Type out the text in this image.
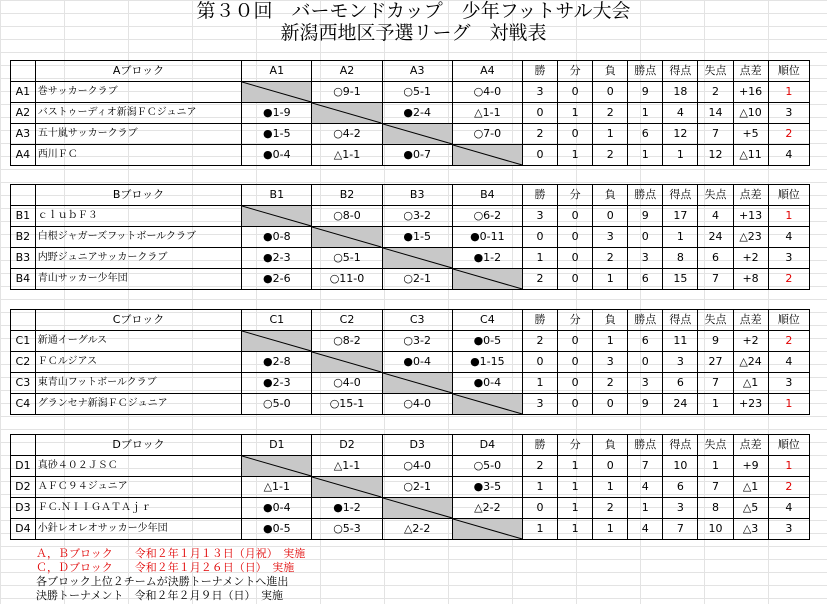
第３０回　バーモンドカップ　少年フットサル大会
新潟西地区予選リーグ　対戦表
	Aブロック	A1	A2	A3	A4	勝	分	負	勝点	得点	失点	点差	順位
A1	巻サッカークラブ		○9-1	○5-1	○4-0	3	0	0	9	18	2	+16	1
A2	バストゥーディオ新潟ＦＣジュニア	●1-9		●2-4	△1-1	0	1	2	1	4	14	△10	3
A3	五十嵐サッカークラブ	●1-5	○4-2		○7-0	2	0	1	6	12	7	+5	2
A4	西川ＦＣ	●0-4	△1-1	●0-7		0	1	2	1	1	12	△11	4
	Bブロック	B1	B2	B3	B4	勝	分	負	勝点	得点	失点	点差	順位
B1	ｃｌｕｂＦ３		○8-0	○3-2	○6-2	3	0	0	9	17	4	+13	1
B2	白根ジャガーズフットボールクラブ	●0-8		●1-5	●0-11	0	0	3	0	1	24	△23	4
B3	内野ジュニアサッカークラブ	●2-3	○5-1		●1-2	1	0	2	3	8	6	+2	3
B4	青山サッカー少年団	●2-6	○11-0	○2-1		2	0	1	6	15	7	+8	2
	Cブロック	C1	C2	C3	C4	勝	分	負	勝点	得点	失点	点差	順位
C1	新通イーグルス		○8-2	○3-2	●0-5	2	0	1	6	11	9	+2	2
C2	ＦＣルジアス	●2-8		●0-4	●1-15	0	0	3	0	3	27	△24	4
C3	東青山フットボールクラブ	●2-3	○4-0		●0-4	1	0	2	3	6	7	△1	3
C4	グランセナ新潟ＦＣジュニア	○5-0	○15-1	○4-0		3	0	0	9	24	1	+23	1
	Dブロック	D1	D2	D3	D4	勝	分	負	勝点	得点	失点	点差	順位
D1	真砂４０２ＪＳＣ		△1-1	○4-0	○5-0	2	1	0	7	10	1	+9	1
D2	ＡＦＣ９４ジュニア	△1-1		○2-1	●3-5	1	1	1	4	6	7	△1	2
D3	ＦＣ.ＮＩＩＧＡＴＡｊｒ	●0-4	●1-2		△2-2	0	1	2	1	3	8	△5	4
D4	小針レオレオサッカー少年団	●0-5	○5-3	△2-2		1	1	1	4	7	10	△3	3
Ａ，Ｂブロック　　令和２年１月１３日（月祝）　実施
Ｃ，Ｄブロック　　令和２年１月２６日（日）　実施
各ブロック上位２チームが決勝トーナメントへ進出
決勝トーナメント　令和２年２月９日（日）　実施
